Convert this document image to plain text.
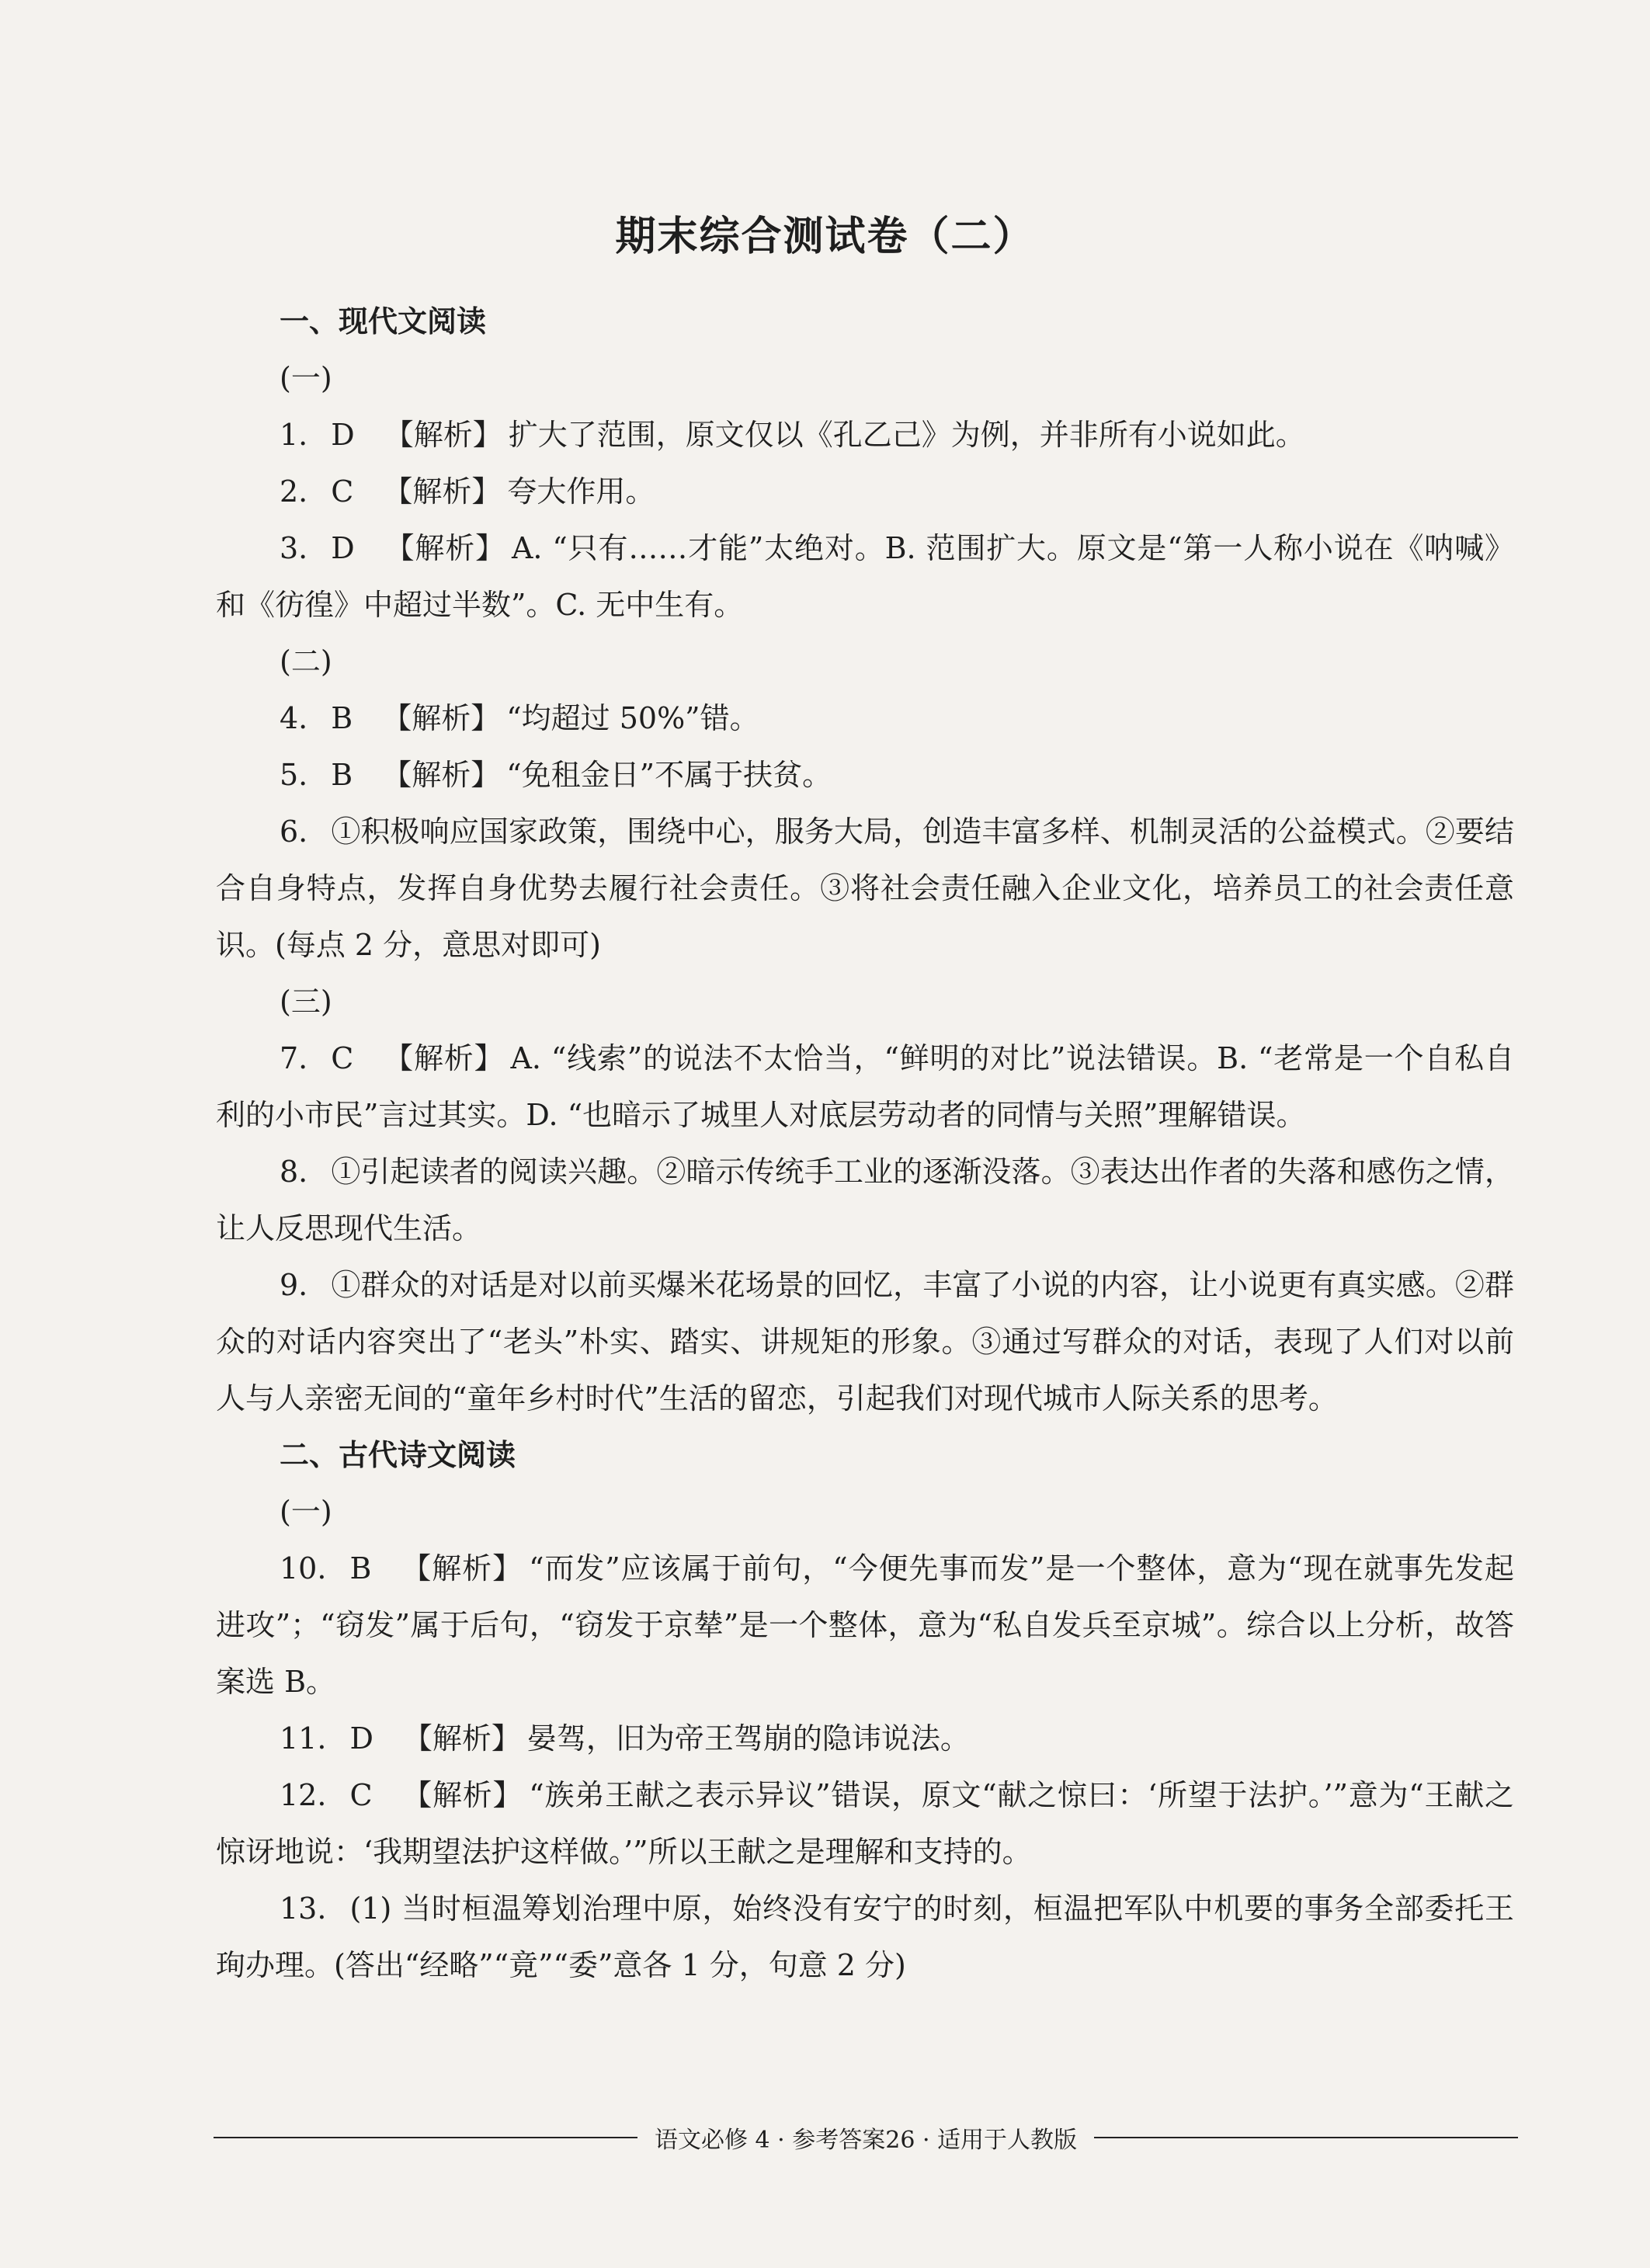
期末综合测试卷（二）

一、现代文阅读

(一)

1. D 【解析】 扩大了范围，原文仅以《孔乙己》为例，并非所有小说如此。

2. C 【解析】 夸大作用。

3. D 【解析】 A. “只有……才能”太绝对。B. 范围扩大。原文是“第一人称小说在《呐喊》和《彷徨》中超过半数”。C. 无中生有。

(二)

4. B 【解析】 “均超过 50%”错。

5. B 【解析】 “免租金日”不属于扶贫。

6. ①积极响应国家政策，围绕中心，服务大局，创造丰富多样、机制灵活的公益模式。②要结合自身特点，发挥自身优势去履行社会责任。③将社会责任融入企业文化，培养员工的社会责任意识。(每点 2 分，意思对即可)

(三)

7. C 【解析】 A. “线索”的说法不太恰当，“鲜明的对比”说法错误。B. “老常是一个自私自利的小市民”言过其实。D. “也暗示了城里人对底层劳动者的同情与关照”理解错误。

8. ①引起读者的阅读兴趣。②暗示传统手工业的逐渐没落。③表达出作者的失落和感伤之情，让人反思现代生活。

9. ①群众的对话是对以前买爆米花场景的回忆，丰富了小说的内容，让小说更有真实感。②群众的对话内容突出了“老头”朴实、踏实、讲规矩的形象。③通过写群众的对话，表现了人们对以前人与人亲密无间的“童年乡村时代”生活的留恋，引起我们对现代城市人际关系的思考。

二、古代诗文阅读

(一)

10. B 【解析】 “而发”应该属于前句，“今便先事而发”是一个整体，意为“现在就事先发起进攻”；“窃发”属于后句，“窃发于京辇”是一个整体，意为“私自发兵至京城”。综合以上分析，故答案选 B。

11. D 【解析】 晏驾，旧为帝王驾崩的隐讳说法。

12. C 【解析】 “族弟王献之表示异议”错误，原文“献之惊曰：‘所望于法护。’”意为“王献之惊讶地说：‘我期望法护这样做。’”所以王献之是理解和支持的。

13. (1) 当时桓温筹划治理中原，始终没有安宁的时刻，桓温把军队中机要的事务全部委托王珣办理。(答出“经略”“竟”“委”意各 1 分，句意 2 分)

语文必修 4 · 参考答案26 · 适用于人教版
